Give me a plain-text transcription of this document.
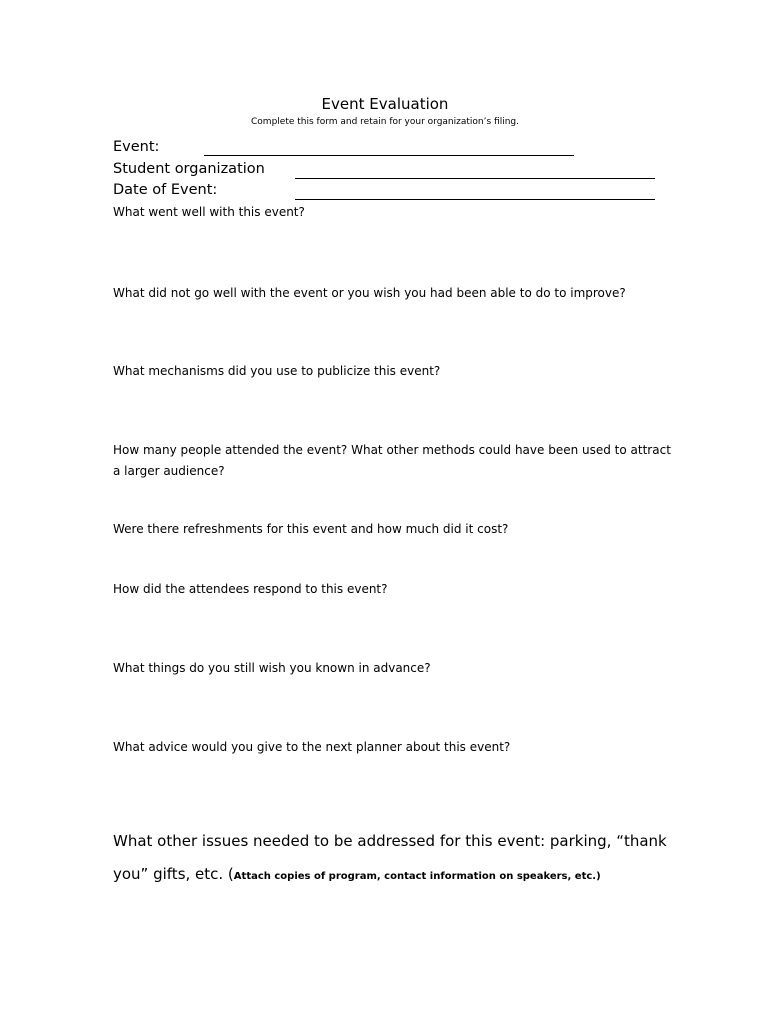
Event Evaluation
Complete this form and retain for your organization’s filing.
Event:
Student organization
Date of Event:
What went well with this event?
What did not go well with the event or you wish you had been able to do to improve?
What mechanisms did you use to publicize this event?
How many people attended the event? What other methods could have been used to attract a larger audience?
Were there refreshments for this event and how much did it cost?
How did the attendees respond to this event?
What things do you still wish you known in advance?
What advice would you give to the next planner about this event?
What other issues needed to be addressed for this event: parking, “thank you” gifts, etc. (Attach copies of program, contact information on speakers, etc.)
